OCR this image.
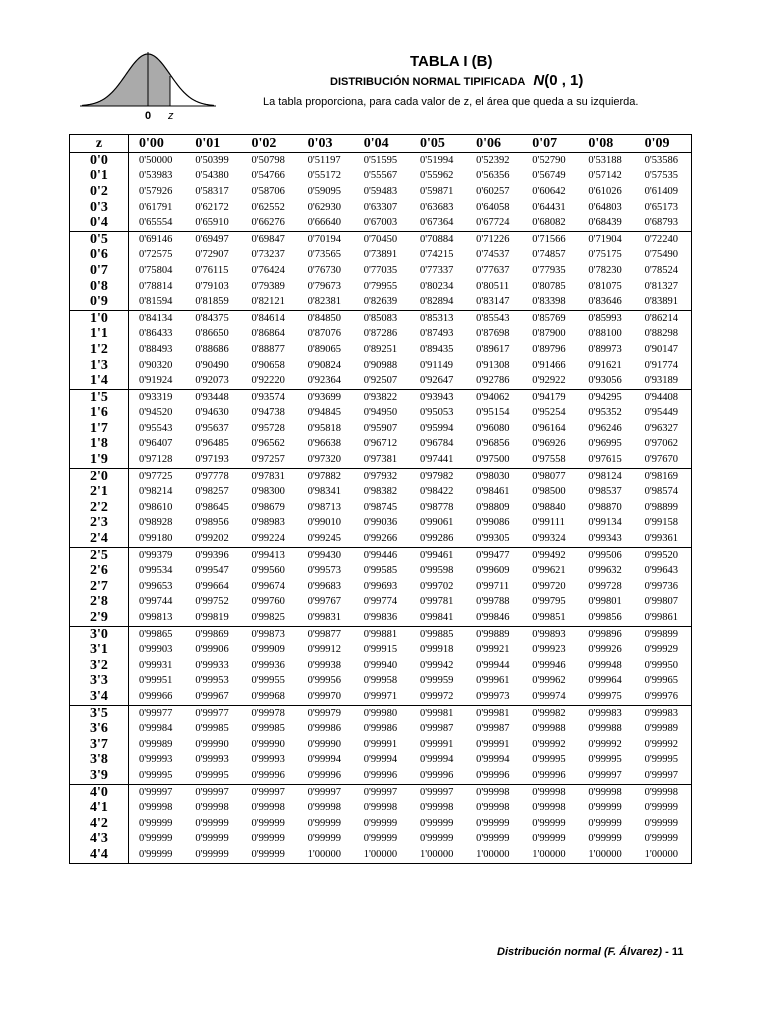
0 z
TABLA I (B)
DISTRIBUCIÓN NORMAL TIPIFICADA N(0 , 1)
La tabla proporciona, para cada valor de z, el área que queda a su izquierda.
z	0'00	0'01	0'02	0'03	0'04	0'05	0'06	0'07	0'08	0'09
0'0	0'50000	0'50399	0'50798	0'51197	0'51595	0'51994	0'52392	0'52790	0'53188	0'53586
0'1	0'53983	0'54380	0'54766	0'55172	0'55567	0'55962	0'56356	0'56749	0'57142	0'57535
0'2	0'57926	0'58317	0'58706	0'59095	0'59483	0'59871	0'60257	0'60642	0'61026	0'61409
0'3	0'61791	0'62172	0'62552	0'62930	0'63307	0'63683	0'64058	0'64431	0'64803	0'65173
0'4	0'65554	0'65910	0'66276	0'66640	0'67003	0'67364	0'67724	0'68082	0'68439	0'68793
0'5	0'69146	0'69497	0'69847	0'70194	0'70450	0'70884	0'71226	0'71566	0'71904	0'72240
0'6	0'72575	0'72907	0'73237	0'73565	0'73891	0'74215	0'74537	0'74857	0'75175	0'75490
0'7	0'75804	0'76115	0'76424	0'76730	0'77035	0'77337	0'77637	0'77935	0'78230	0'78524
0'8	0'78814	0'79103	0'79389	0'79673	0'79955	0'80234	0'80511	0'80785	0'81075	0'81327
0'9	0'81594	0'81859	0'82121	0'82381	0'82639	0'82894	0'83147	0'83398	0'83646	0'83891
1'0	0'84134	0'84375	0'84614	0'84850	0'85083	0'85313	0'85543	0'85769	0'85993	0'86214
1'1	0'86433	0'86650	0'86864	0'87076	0'87286	0'87493	0'87698	0'87900	0'88100	0'88298
1'2	0'88493	0'88686	0'88877	0'89065	0'89251	0'89435	0'89617	0'89796	0'89973	0'90147
1'3	0'90320	0'90490	0'90658	0'90824	0'90988	0'91149	0'91308	0'91466	0'91621	0'91774
1'4	0'91924	0'92073	0'92220	0'92364	0'92507	0'92647	0'92786	0'92922	0'93056	0'93189
1'5	0'93319	0'93448	0'93574	0'93699	0'93822	0'93943	0'94062	0'94179	0'94295	0'94408
1'6	0'94520	0'94630	0'94738	0'94845	0'94950	0'95053	0'95154	0'95254	0'95352	0'95449
1'7	0'95543	0'95637	0'95728	0'95818	0'95907	0'95994	0'96080	0'96164	0'96246	0'96327
1'8	0'96407	0'96485	0'96562	0'96638	0'96712	0'96784	0'96856	0'96926	0'96995	0'97062
1'9	0'97128	0'97193	0'97257	0'97320	0'97381	0'97441	0'97500	0'97558	0'97615	0'97670
2'0	0'97725	0'97778	0'97831	0'97882	0'97932	0'97982	0'98030	0'98077	0'98124	0'98169
2'1	0'98214	0'98257	0'98300	0'98341	0'98382	0'98422	0'98461	0'98500	0'98537	0'98574
2'2	0'98610	0'98645	0'98679	0'98713	0'98745	0'98778	0'98809	0'98840	0'98870	0'98899
2'3	0'98928	0'98956	0'98983	0'99010	0'99036	0'99061	0'99086	0'99111	0'99134	0'99158
2'4	0'99180	0'99202	0'99224	0'99245	0'99266	0'99286	0'99305	0'99324	0'99343	0'99361
2'5	0'99379	0'99396	0'99413	0'99430	0'99446	0'99461	0'99477	0'99492	0'99506	0'99520
2'6	0'99534	0'99547	0'99560	0'99573	0'99585	0'99598	0'99609	0'99621	0'99632	0'99643
2'7	0'99653	0'99664	0'99674	0'99683	0'99693	0'99702	0'99711	0'99720	0'99728	0'99736
2'8	0'99744	0'99752	0'99760	0'99767	0'99774	0'99781	0'99788	0'99795	0'99801	0'99807
2'9	0'99813	0'99819	0'99825	0'99831	0'99836	0'99841	0'99846	0'99851	0'99856	0'99861
3'0	0'99865	0'99869	0'99873	0'99877	0'99881	0'99885	0'99889	0'99893	0'99896	0'99899
3'1	0'99903	0'99906	0'99909	0'99912	0'99915	0'99918	0'99921	0'99923	0'99926	0'99929
3'2	0'99931	0'99933	0'99936	0'99938	0'99940	0'99942	0'99944	0'99946	0'99948	0'99950
3'3	0'99951	0'99953	0'99955	0'99956	0'99958	0'99959	0'99961	0'99962	0'99964	0'99965
3'4	0'99966	0'99967	0'99968	0'99970	0'99971	0'99972	0'99973	0'99974	0'99975	0'99976
3'5	0'99977	0'99977	0'99978	0'99979	0'99980	0'99981	0'99981	0'99982	0'99983	0'99983
3'6	0'99984	0'99985	0'99985	0'99986	0'99986	0'99987	0'99987	0'99988	0'99988	0'99989
3'7	0'99989	0'99990	0'99990	0'99990	0'99991	0'99991	0'99991	0'99992	0'99992	0'99992
3'8	0'99993	0'99993	0'99993	0'99994	0'99994	0'99994	0'99994	0'99995	0'99995	0'99995
3'9	0'99995	0'99995	0'99996	0'99996	0'99996	0'99996	0'99996	0'99996	0'99997	0'99997
4'0	0'99997	0'99997	0'99997	0'99997	0'99997	0'99997	0'99998	0'99998	0'99998	0'99998
4'1	0'99998	0'99998	0'99998	0'99998	0'99998	0'99998	0'99998	0'99998	0'99999	0'99999
4'2	0'99999	0'99999	0'99999	0'99999	0'99999	0'99999	0'99999	0'99999	0'99999	0'99999
4'3	0'99999	0'99999	0'99999	0'99999	0'99999	0'99999	0'99999	0'99999	0'99999	0'99999
4'4	0'99999	0'99999	0'99999	1'00000	1'00000	1'00000	1'00000	1'00000	1'00000	1'00000
Distribución normal (F. Álvarez) - 11
